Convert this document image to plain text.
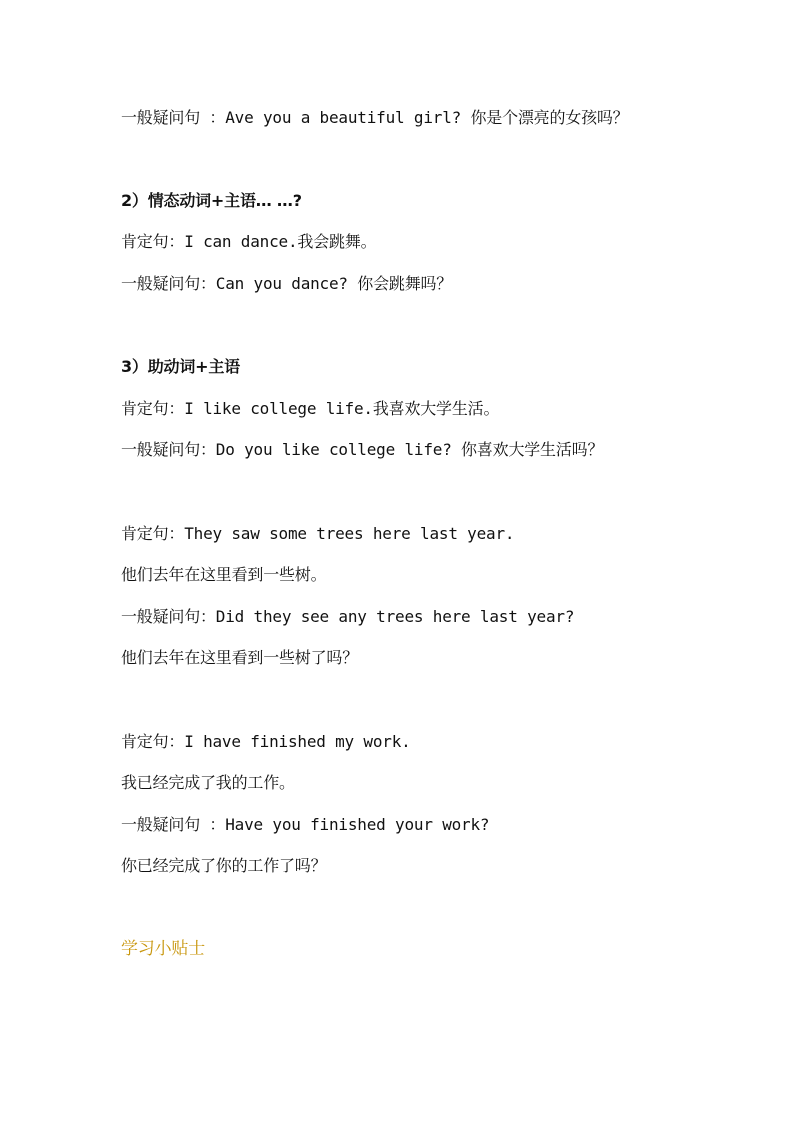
一般疑问句 ：Ave you a beautiful girl? 你是个漂亮的女孩吗？
2）情态动词+主语… …?
肯定句：I can dance.我会跳舞。
一般疑问句：Can you dance? 你会跳舞吗？
3）助动词+主语
肯定句：I like college life.我喜欢大学生活。
一般疑问句：Do you like college life? 你喜欢大学生活吗？
肯定句：They saw some trees here last year.
他们去年在这里看到一些树。
一般疑问句：Did they see any trees here last year?
他们去年在这里看到一些树了吗？
肯定句：I have finished my work.
我已经完成了我的工作。
一般疑问句 ：Have you finished your work?
你已经完成了你的工作了吗？
学习小贴士
